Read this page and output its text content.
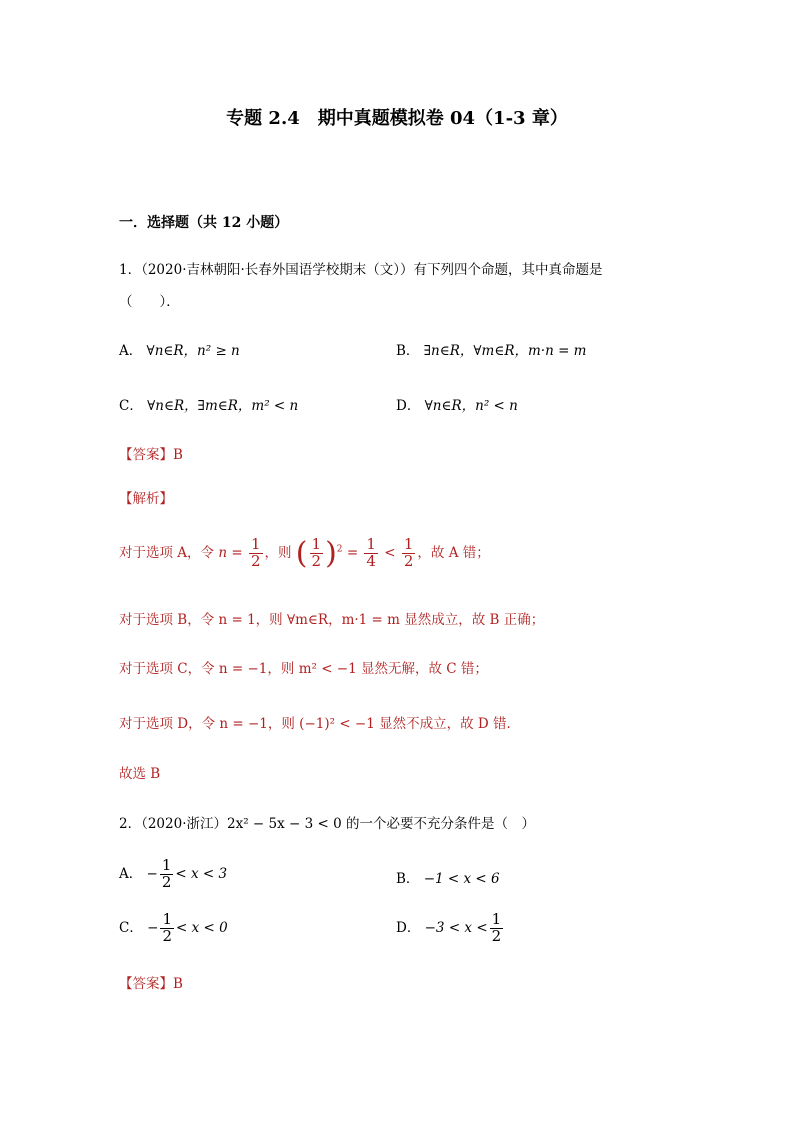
专题 2.4　期中真题模拟卷 04（1-3 章）
一．选择题（共 12 小题）
1．（2020·吉林朝阳·长春外国语学校期末（文））有下列四个命题，其中真命题是
（　　）．
A． ∀n∈R，n² ≥ n	B． ∃n∈R，∀m∈R，m·n = m
C． ∀n∈R，∃m∈R，m² < n	D． ∀n∈R，n² < n
【答案】B
【解析】
对于选项 A，令 $n = \frac{1}{2}$ ，则 ( $\frac{1}{2} )^2 = \frac{1}{4} < \frac{1}{2}$ ，故 A 错；
对于选项 B，令 n = 1，则 ∀m∈R，m·1 = m 显然成立，故 B 正确；
对于选项 C，令 n = −1，则 m² < −1 显然无解，故 C 错；
对于选项 D，令 n = −1，则 (−1)² < −1 显然不成立，故 D 错.
故选 B
2．（2020·浙江）2x² − 5x − 3 < 0 的一个必要不充分条件是（　）
A． − $\frac{1}{2} < x < 3$	B． −1 < x < 6
C． − $\frac{1}{2} < x < 0$	D． $-3 < x < \frac{1}{2}$
【答案】B
